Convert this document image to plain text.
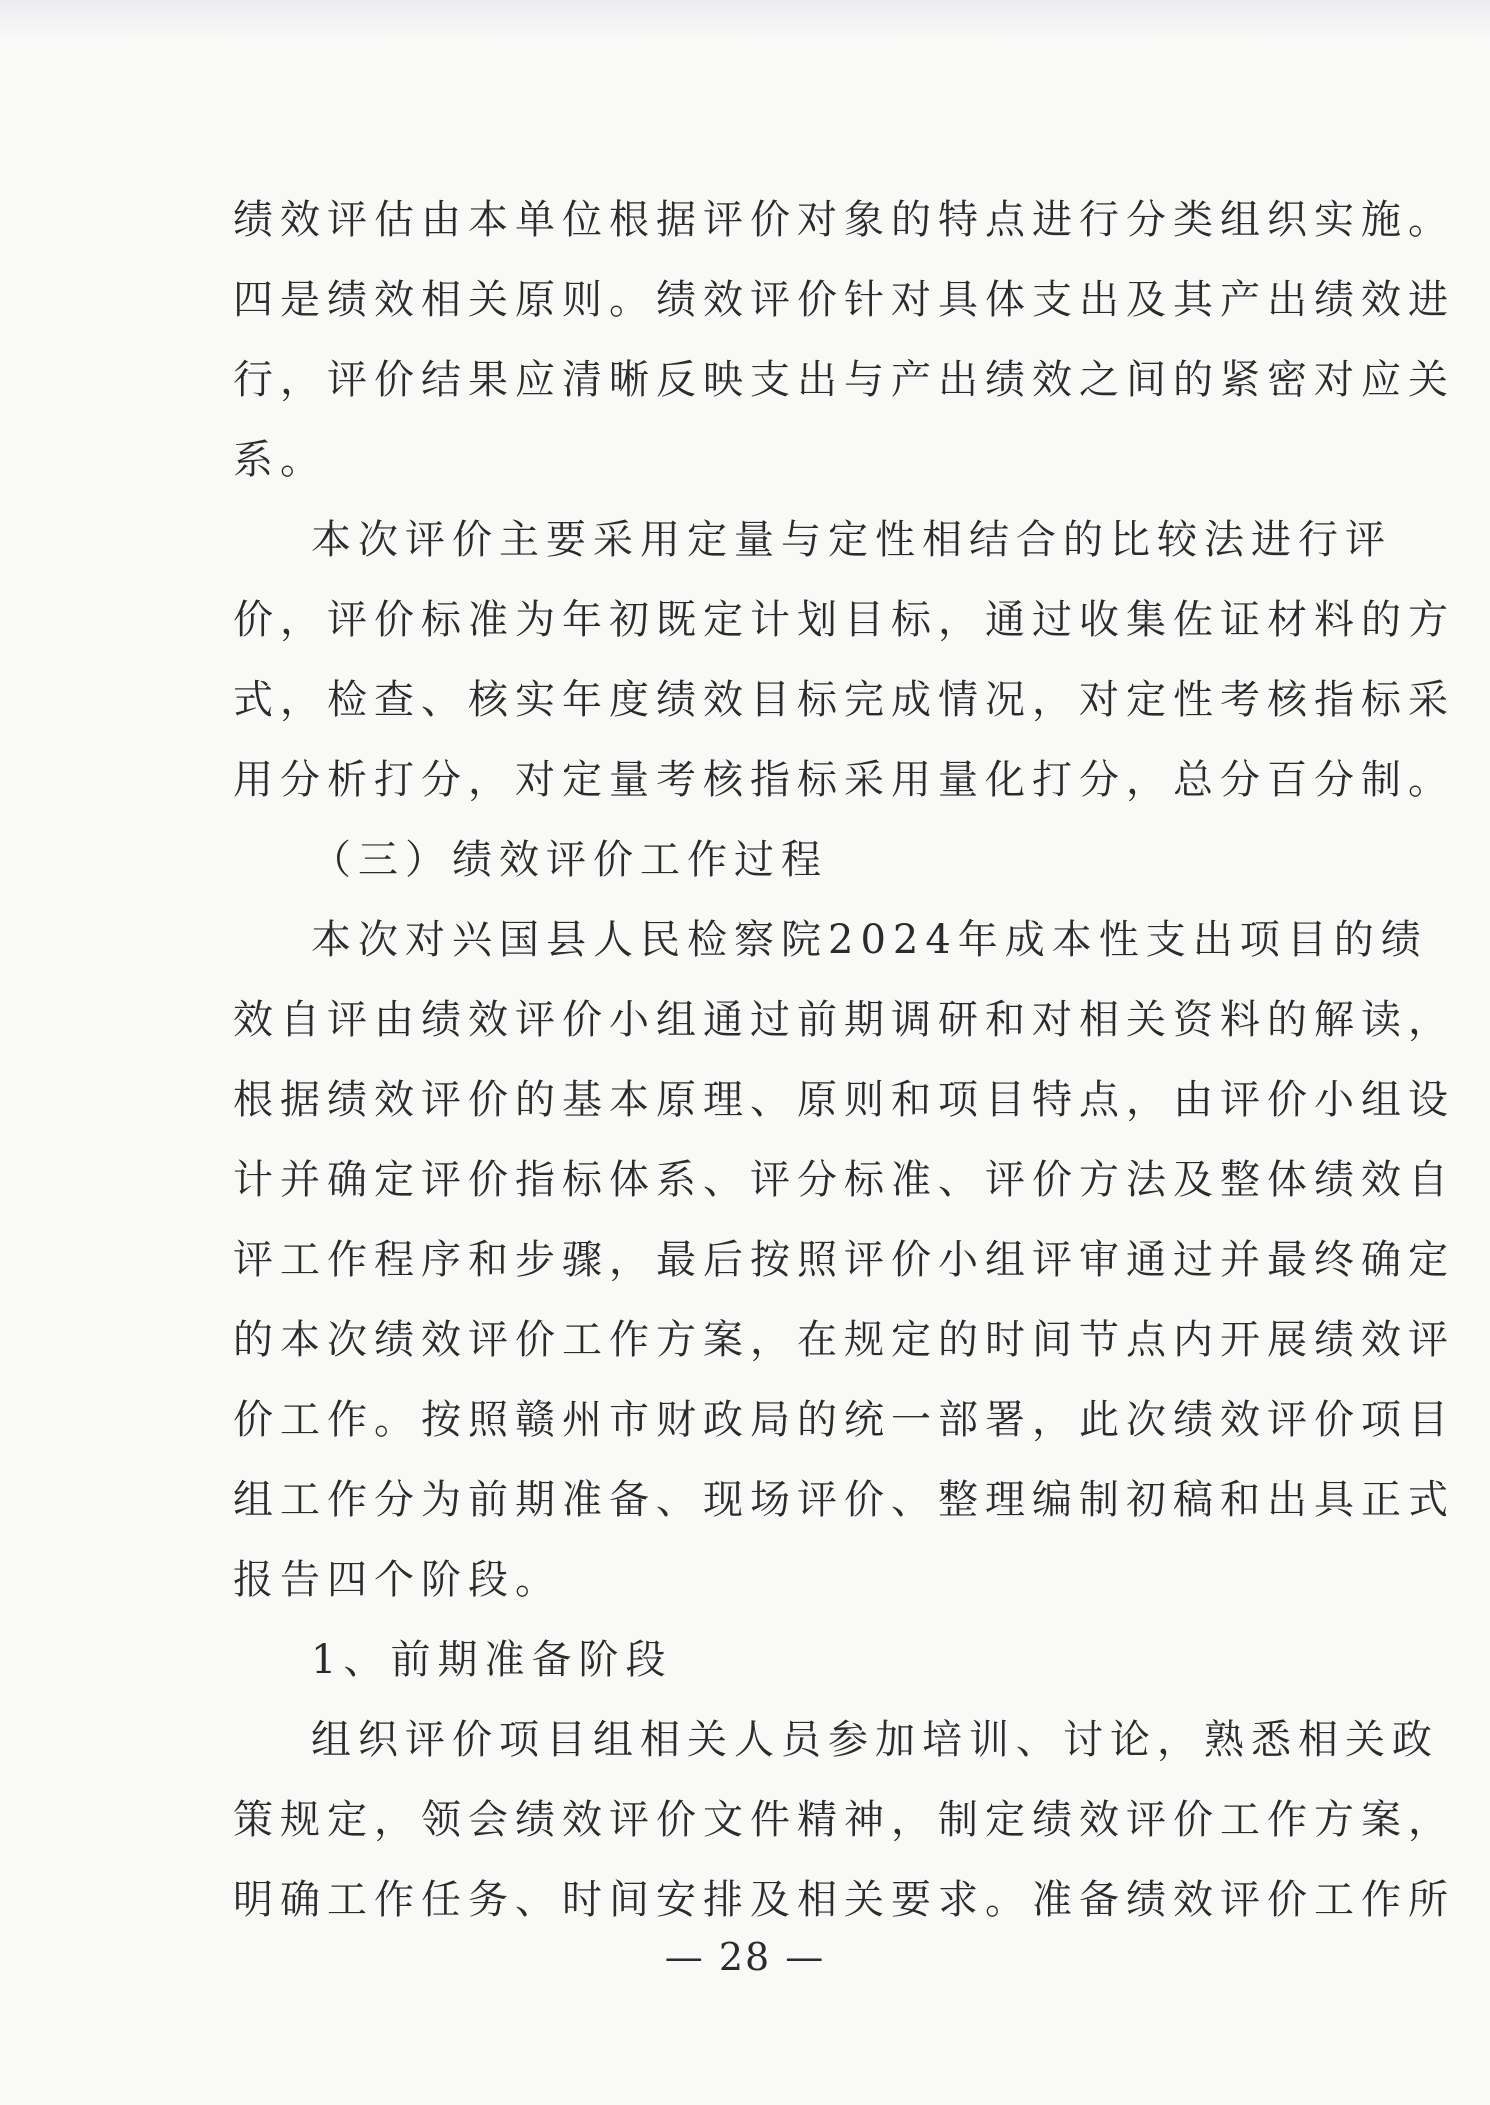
绩效评估由本单位根据评价对象的特点进行分类组织实施。
四是绩效相关原则。绩效评价针对具体支出及其产出绩效进
行，评价结果应清晰反映支出与产出绩效之间的紧密对应关
系。
本次评价主要采用定量与定性相结合的比较法进行评
价，评价标准为年初既定计划目标，通过收集佐证材料的方
式，检查、核实年度绩效目标完成情况，对定性考核指标采
用分析打分，对定量考核指标采用量化打分，总分百分制。
（三）绩效评价工作过程
本次对兴国县人民检察院2024年成本性支出项目的绩
效自评由绩效评价小组通过前期调研和对相关资料的解读，
根据绩效评价的基本原理、原则和项目特点，由评价小组设
计并确定评价指标体系、评分标准、评价方法及整体绩效自
评工作程序和步骤，最后按照评价小组评审通过并最终确定
的本次绩效评价工作方案，在规定的时间节点内开展绩效评
价工作。按照赣州市财政局的统一部署，此次绩效评价项目
组工作分为前期准备、现场评价、整理编制初稿和出具正式
报告四个阶段。
1、前期准备阶段
组织评价项目组相关人员参加培训、讨论，熟悉相关政
策规定，领会绩效评价文件精神，制定绩效评价工作方案，
明确工作任务、时间安排及相关要求。准备绩效评价工作所
— 28 —
